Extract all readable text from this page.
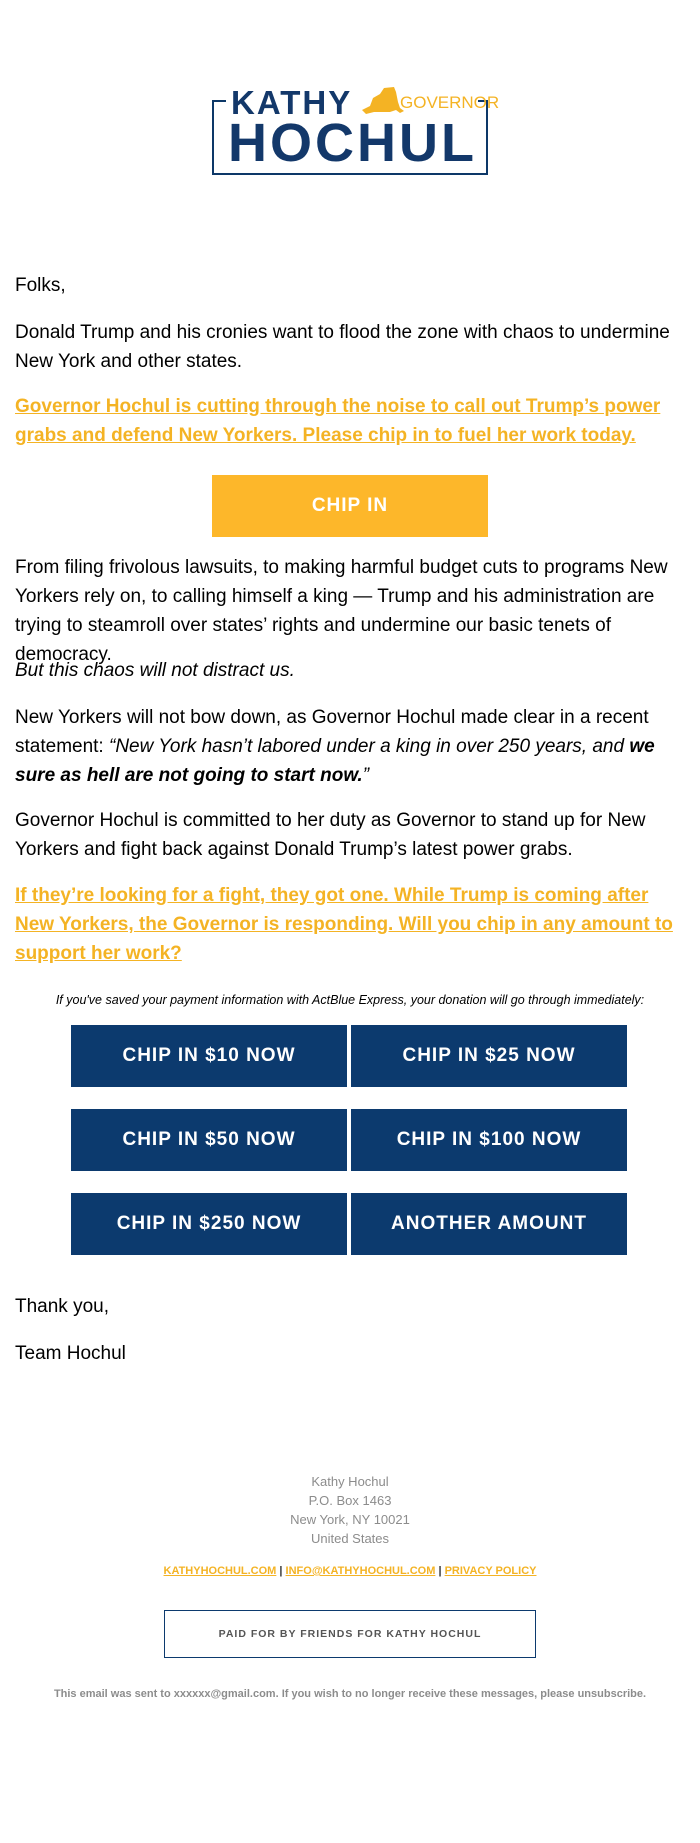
KATHY	GOVERNOR
HOCHUL

Folks,

Donald Trump and his cronies want to flood the zone with chaos to undermine New York and other states.

Governor Hochul is cutting through the noise to call out Trump’s power grabs and defend New Yorkers. Please chip in to fuel her work today.
CHIP IN

From filing frivolous lawsuits, to making harmful budget cuts to programs New Yorkers rely on, to calling himself a king — Trump and his administration are trying to steamroll over states’ rights and undermine our basic tenets of democracy.

But this chaos will not distract us.

New Yorkers will not bow down, as Governor Hochul made clear in a recent statement: “New York hasn’t labored under a king in over 250 years, and we sure as hell are not going to start now.”

Governor Hochul is committed to her duty as Governor to stand up for New Yorkers and fight back against Donald Trump’s latest power grabs.

If they’re looking for a fight, they got one. While Trump is coming after New Yorkers, the Governor is responding. Will you chip in any amount to support her work?
If you've saved your payment information with ActBlue Express, your donation will go through immediately:
CHIP IN $10 NOW	CHIP IN $25 NOW
CHIP IN $50 NOW	CHIP IN $100 NOW
CHIP IN $250 NOW	ANOTHER AMOUNT

Thank you,

Team Hochul

Kathy Hochul
P.O. Box 1463
New York, NY 10021
United States
KATHYHOCHUL.COM | INFO@KATHYHOCHUL.COM | PRIVACY POLICY
PAID FOR BY FRIENDS FOR KATHY HOCHUL
This email was sent to xxxxxx@gmail.com. If you wish to no longer receive these messages, please unsubscribe.
